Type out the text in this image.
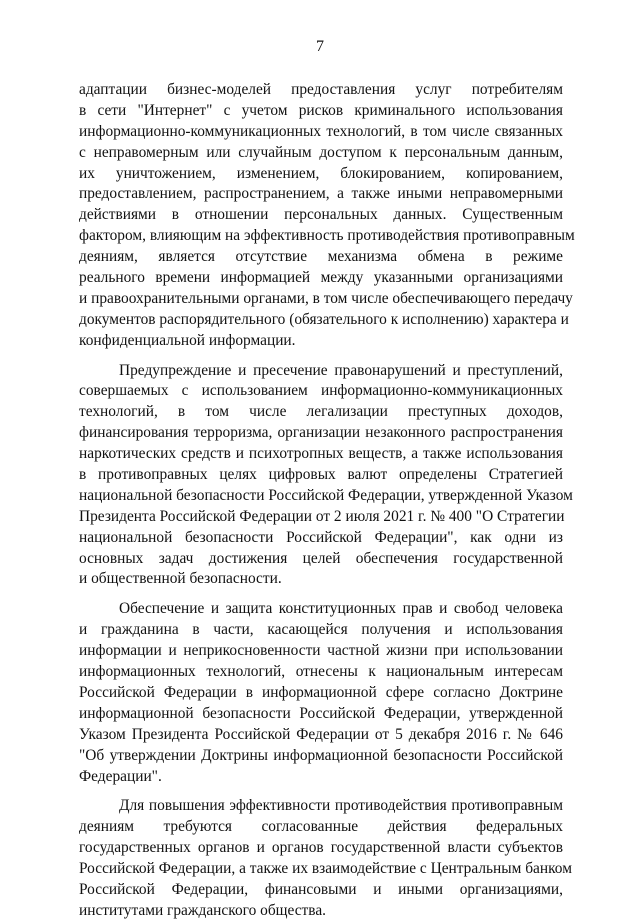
7
адаптации бизнес-моделей предоставления услуг потребителям
в сети "Интернет" с учетом рисков криминального использования
информационно-коммуникационных технологий, в том числе связанных
с неправомерным или случайным доступом к персональным данным,
их уничтожением, изменением, блокированием, копированием,
предоставлением, распространением, а также иными неправомерными
действиями в отношении персональных данных. Существенным
фактором, влияющим на эффективность противодействия противоправным
деяниям, является отсутствие механизма обмена в режиме
реального времени информацией между указанными организациями
и правоохранительными органами, в том числе обеспечивающего передачу
документов распорядительного (обязательного к исполнению) характера и
конфиденциальной информации.
Предупреждение и пресечение правонарушений и преступлений,
совершаемых с использованием информационно-коммуникационных
технологий, в том числе легализации преступных доходов,
финансирования терроризма, организации незаконного распространения
наркотических средств и психотропных веществ, а также использования
в противоправных целях цифровых валют определены Стратегией
национальной безопасности Российской Федерации, утвержденной Указом
Президента Российской Федерации от 2 июля 2021 г. № 400 "О Стратегии
национальной безопасности Российской Федерации", как одни из
основных задач достижения целей обеспечения государственной
и общественной безопасности.
Обеспечение и защита конституционных прав и свобод человека
и гражданина в части, касающейся получения и использования
информации и неприкосновенности частной жизни при использовании
информационных технологий, отнесены к национальным интересам
Российской Федерации в информационной сфере согласно Доктрине
информационной безопасности Российской Федерации, утвержденной
Указом Президента Российской Федерации от 5 декабря 2016 г. № 646
"Об утверждении Доктрины информационной безопасности Российской
Федерации".
Для повышения эффективности противодействия противоправным
деяниям требуются согласованные действия федеральных
государственных органов и органов государственной власти субъектов
Российской Федерации, а также их взаимодействие с Центральным банком
Российской Федерации, финансовыми и иными организациями,
институтами гражданского общества.
